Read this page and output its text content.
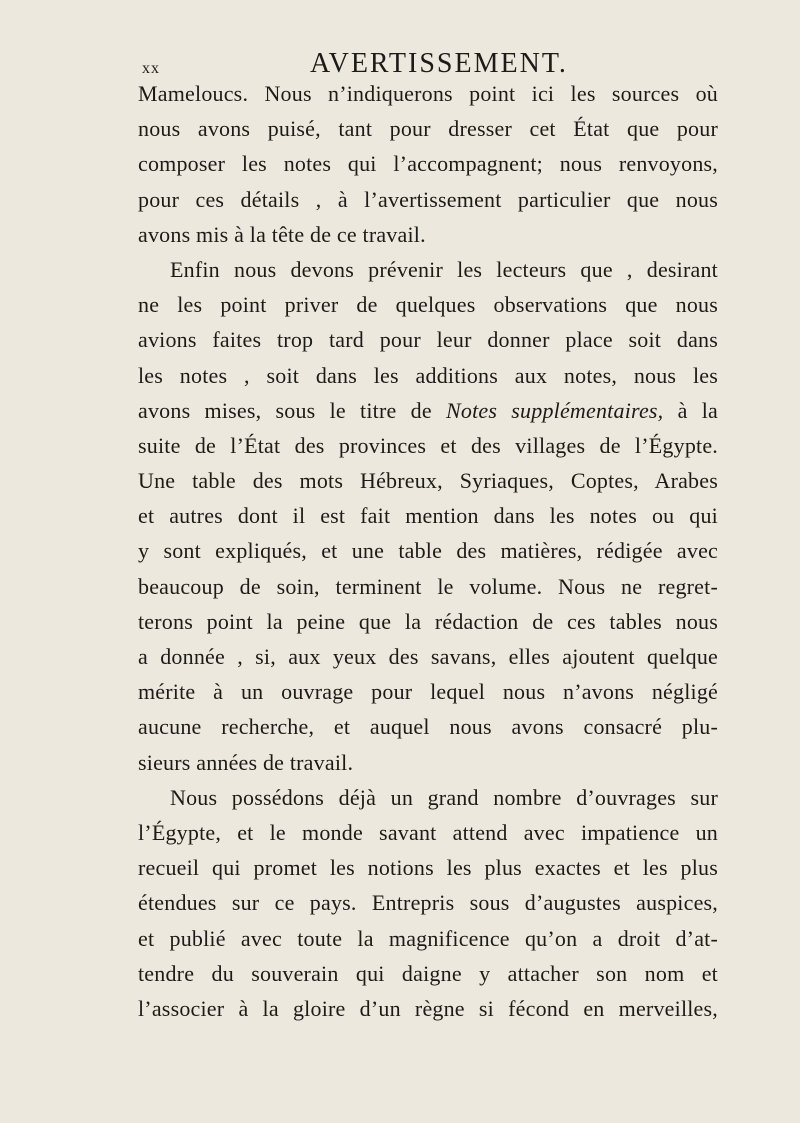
xx	AVERTISSEMENT.
Mameloucs. Nous n’indiquerons point ici les sources où
nous avons puisé, tant pour dresser cet État que pour
composer les notes qui l’accompagnent; nous renvoyons,
pour ces détails , à l’avertissement particulier que nous
avons mis à la tête de ce travail.
Enfin nous devons prévenir les lecteurs que , desirant
ne les point priver de quelques observations que nous
avions faites trop tard pour leur donner place soit dans
les notes , soit dans les additions aux notes, nous les
avons mises, sous le titre de Notes supplémentaires, à la
suite de l’État des provinces et des villages de l’Égypte.
Une table des mots Hébreux, Syriaques, Coptes, Arabes
et autres dont il est fait mention dans les notes ou qui
y sont expliqués, et une table des matières, rédigée avec
beaucoup de soin, terminent le volume. Nous ne regret-
terons point la peine que la rédaction de ces tables nous
a donnée , si, aux yeux des savans, elles ajoutent quelque
mérite à un ouvrage pour lequel nous n’avons négligé
aucune recherche, et auquel nous avons consacré plu-
sieurs années de travail.
Nous possédons déjà un grand nombre d’ouvrages sur
l’Égypte, et le monde savant attend avec impatience un
recueil qui promet les notions les plus exactes et les plus
étendues sur ce pays. Entrepris sous d’augustes auspices,
et publié avec toute la magnificence qu’on a droit d’at-
tendre du souverain qui daigne y attacher son nom et
l’associer à la gloire d’un règne si fécond en merveilles,
